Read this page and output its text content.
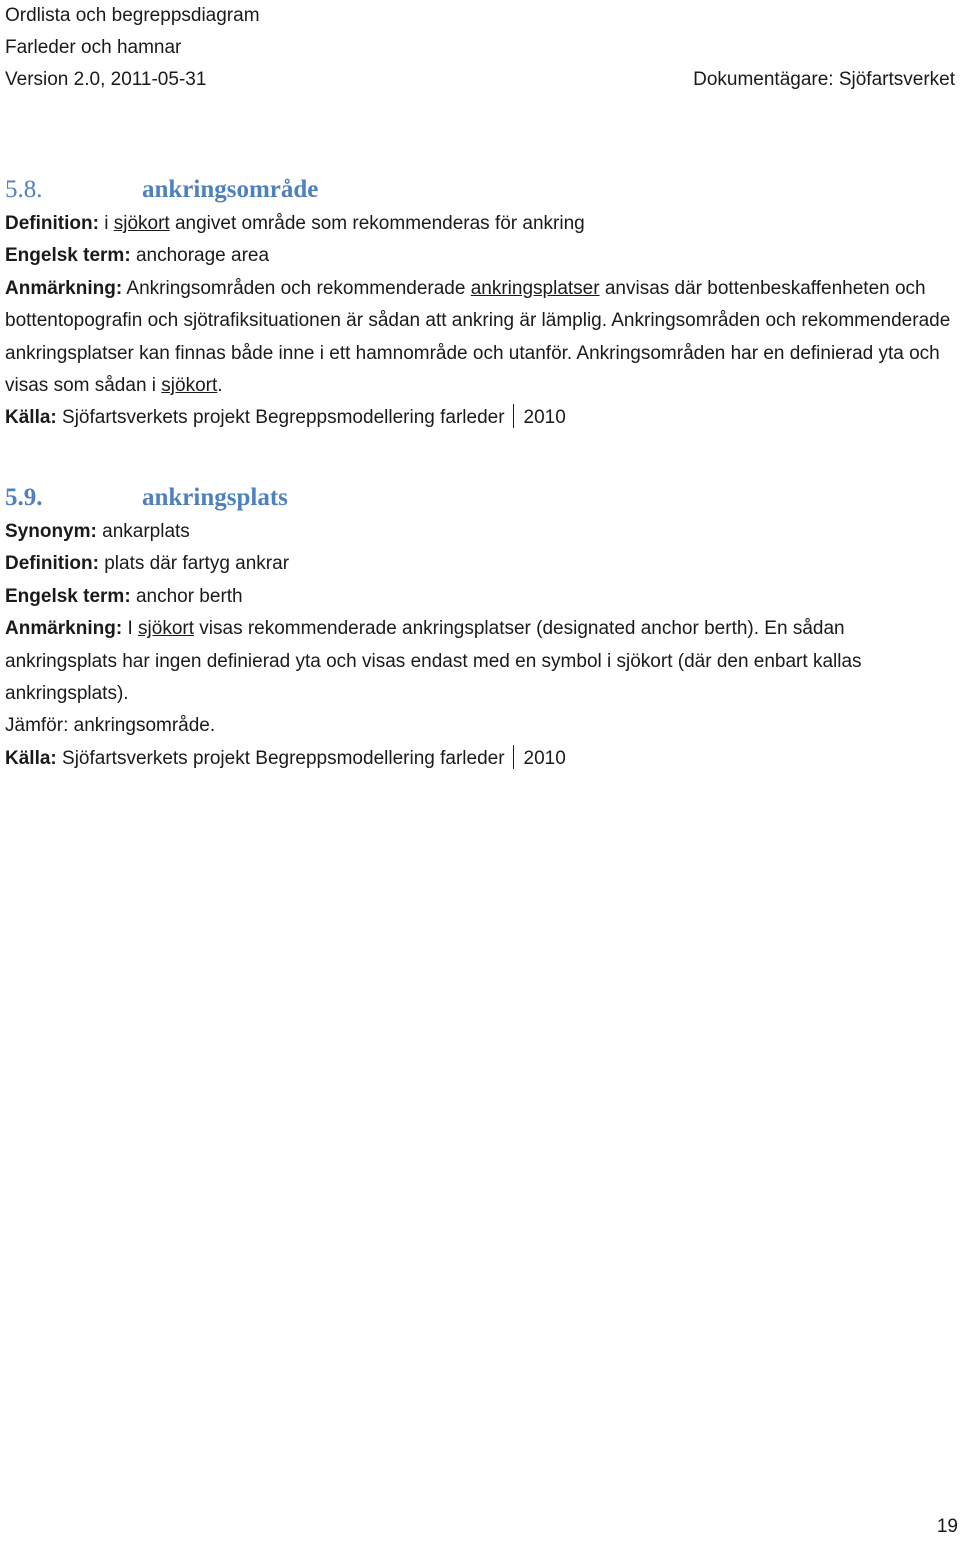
Ordlista och begreppsdiagram
Farleder och hamnar
Version 2.0, 2011-05-31	Dokumentägare: Sjöfartsverket
5.8.	ankringsområde

Definition: i sjökort angivet område som rekommenderas för ankring

Engelsk term: anchorage area

Anmärkning: Ankringsområden och rekommenderade ankringsplatser anvisas där bottenbeskaffenheten och bottentopografin och sjötrafiksituationen är sådan att ankring är lämplig. Ankringsområden och rekommenderade ankringsplatser kan finnas både inne i ett hamnområde och utanför. Ankringsområden har en definierad yta och visas som sådan i sjökort.

Källa: Sjöfartsverkets projekt Begreppsmodellering farleder 2010

5.9.	ankringsplats

Synonym: ankarplats

Definition: plats där fartyg ankrar

Engelsk term: anchor berth

Anmärkning: I sjökort visas rekommenderade ankringsplatser (designated anchor berth). En sådan ankringsplats har ingen definierad yta och visas endast med en symbol i sjökort (där den enbart kallas ankringsplats).

Jämför: ankringsområde.

Källa: Sjöfartsverkets projekt Begreppsmodellering farleder 2010

19
